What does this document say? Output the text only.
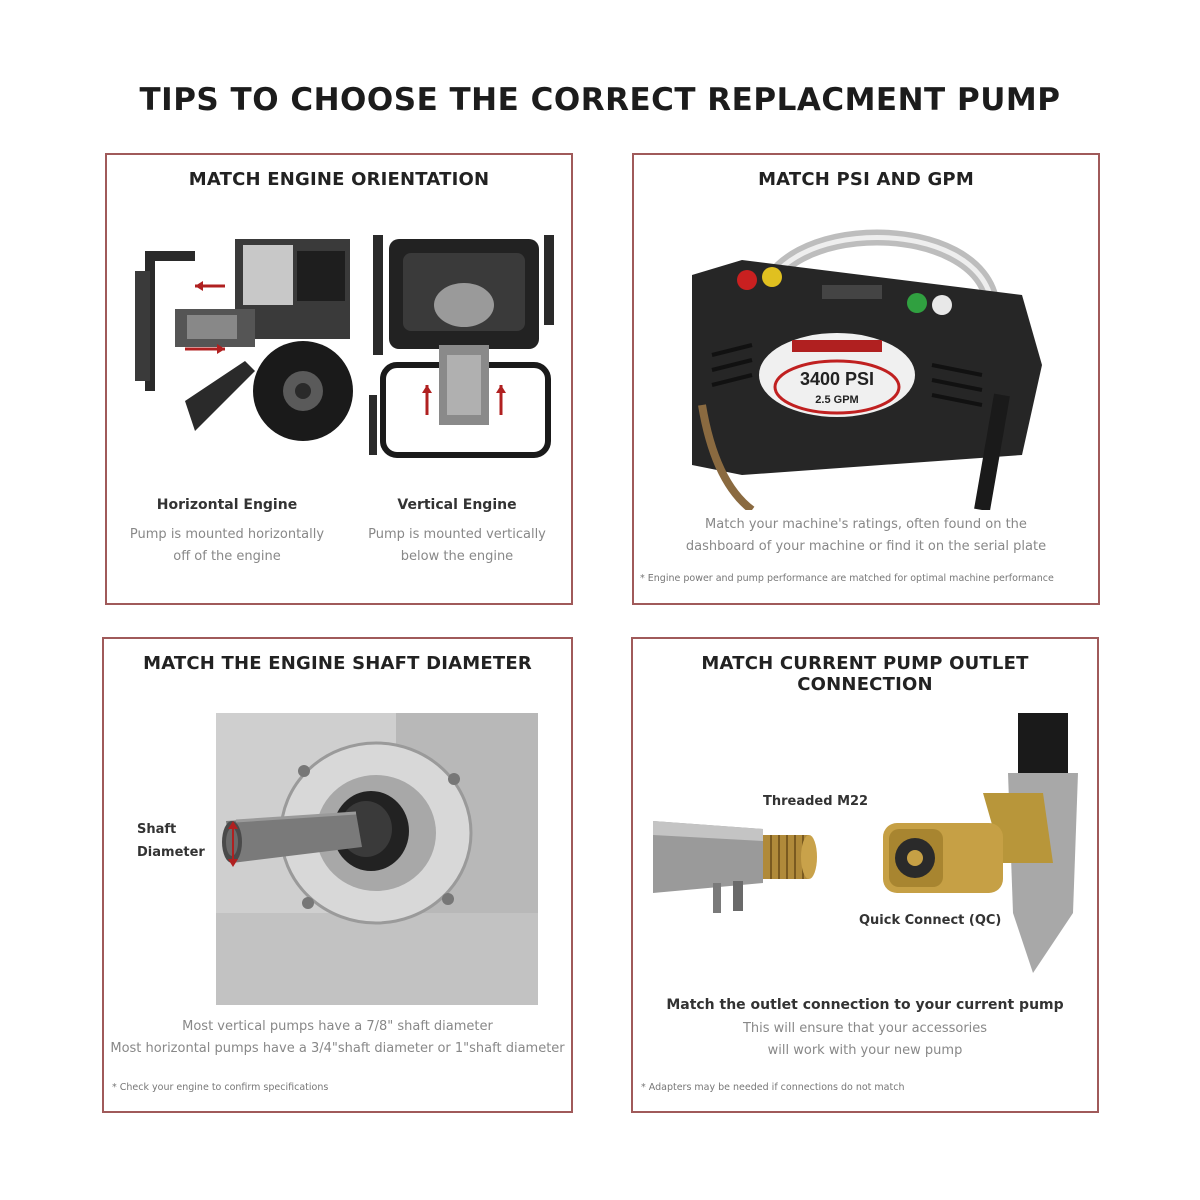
TIPS TO CHOOSE THE CORRECT REPLACMENT PUMP
MATCH ENGINE ORIENTATION
Horizontal Engine
Pump is mounted horizontally
off of the engine
Vertical Engine
Pump is mounted vertically
below the engine
MATCH PSI AND GPM
3400 PSI
2.5 GPM
Match your machine's ratings, often found on the
dashboard of your machine or find it on the serial plate
* Engine power and pump performance are matched for optimal machine performance
MATCH THE ENGINE SHAFT DIAMETER
Shaft
Diameter
Most vertical pumps have a 7/8" shaft diameter
Most horizontal pumps have a 3/4"shaft diameter or 1"shaft diameter
* Check your engine to confirm specifications
MATCH CURRENT PUMP OUTLET CONNECTION
Threaded M22
Quick Connect (QC)
Match the outlet connection to your current pump
This will ensure that your accessories
will work with your new pump
* Adapters may be needed if connections do not match
